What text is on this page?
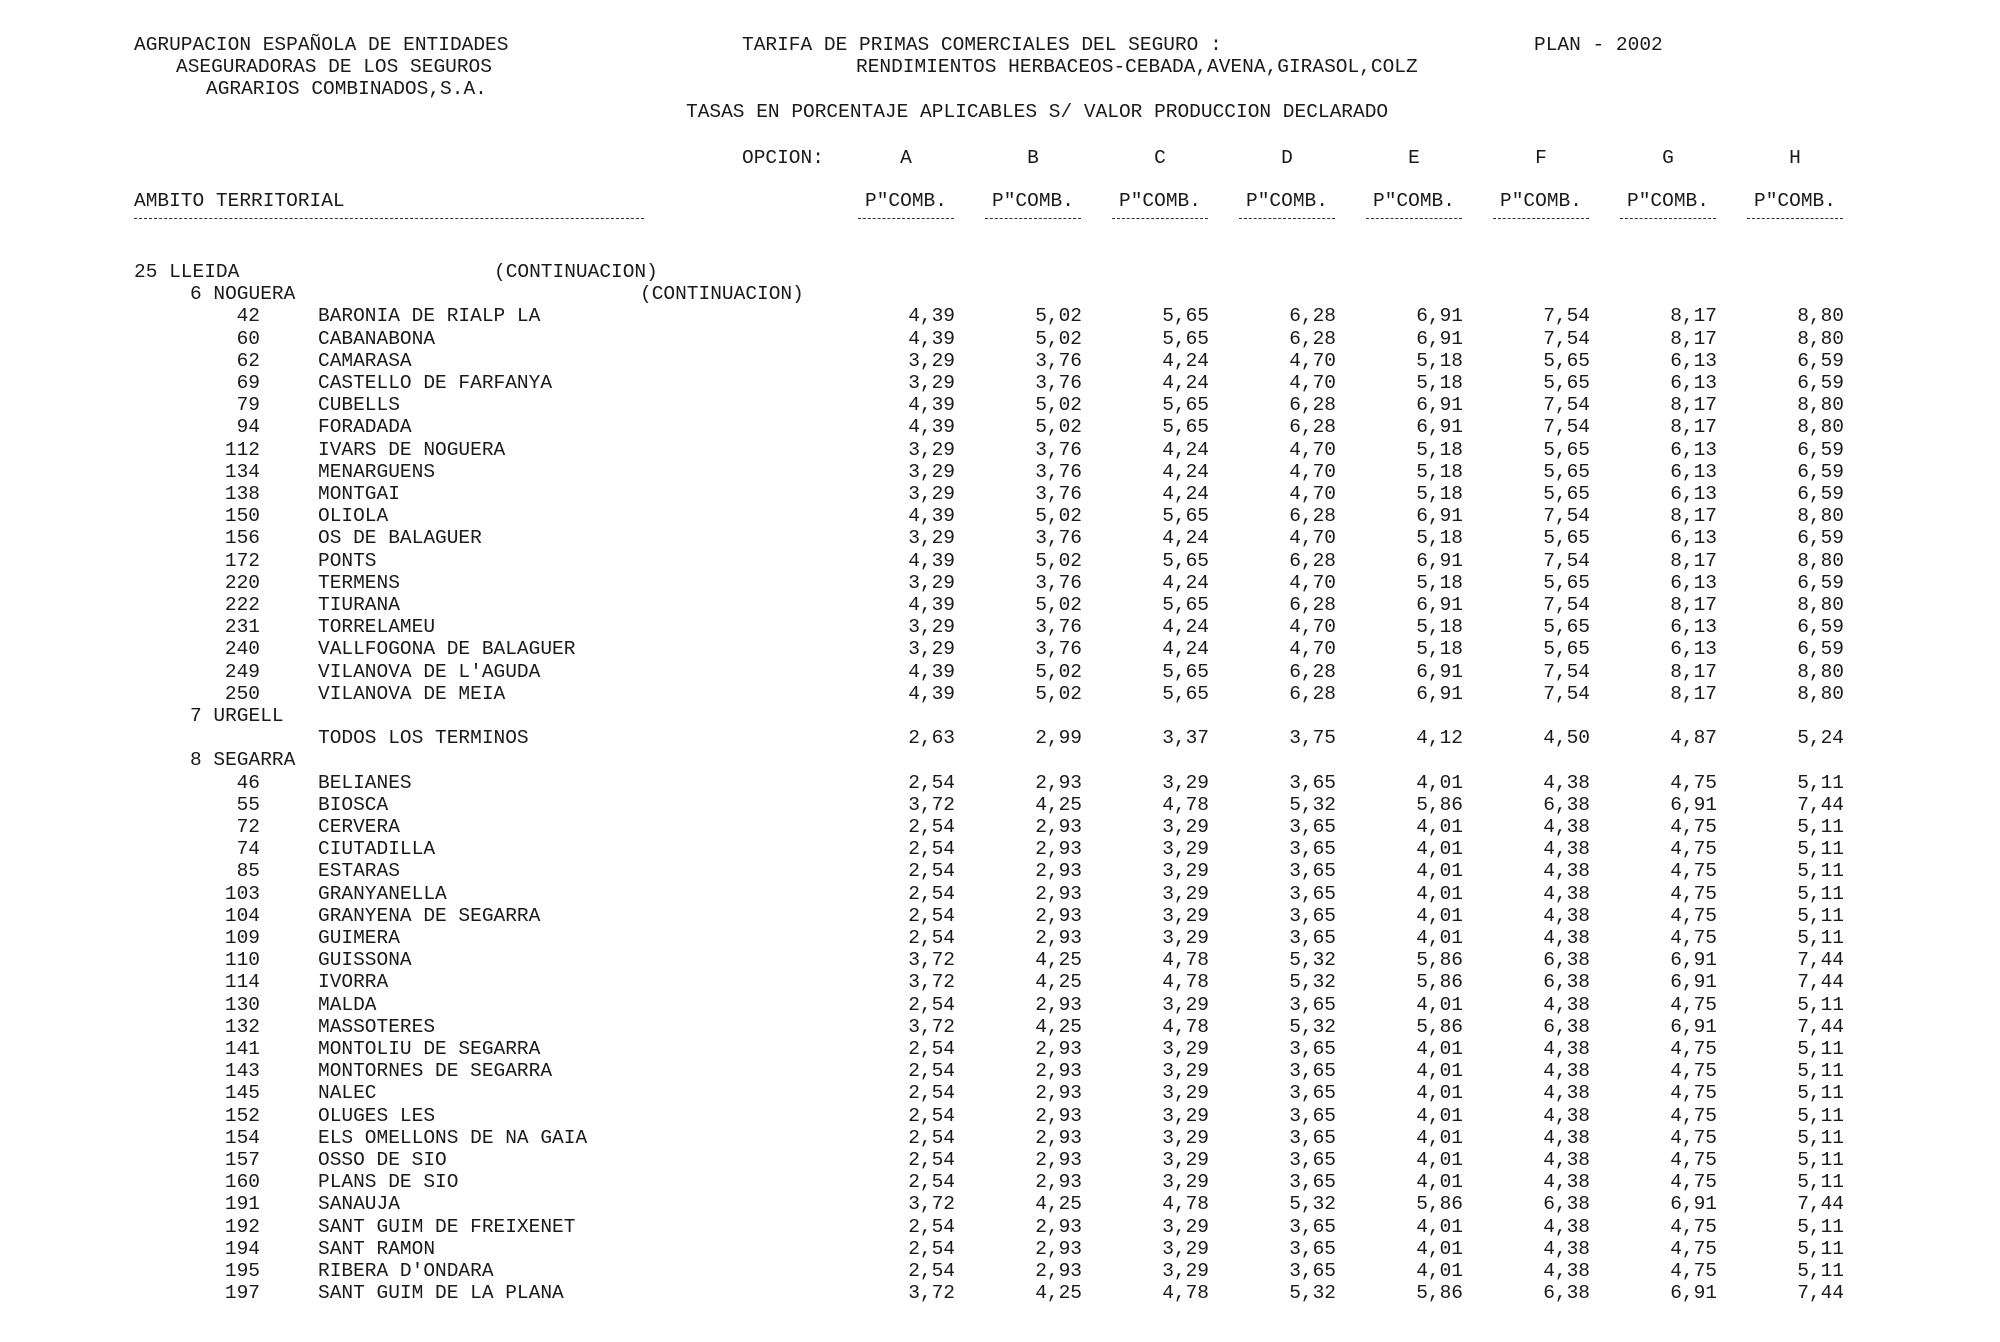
AGRUPACION ESPAÑOLA DE ENTIDADES
ASEGURADORAS DE LOS SEGUROS
AGRARIOS COMBINADOS,S.A.
TARIFA DE PRIMAS COMERCIALES DEL SEGURO :	PLAN - 2002
RENDIMIENTOS HERBACEOS-CEBADA,AVENA,GIRASOL,COLZ
TASAS EN PORCENTAJE APLICABLES S/ VALOR PRODUCCION DECLARADO
OPCION:	A	B	C	D	E	F	G	H
AMBITO TERRITORIAL	P"COMB.	P"COMB.	P"COMB.	P"COMB.	P"COMB.	P"COMB.	P"COMB.	P"COMB.
25 LLEIDA	(CONTINUACION)
6 NOGUERA	(CONTINUACION)
42	BARONIA DE RIALP LA	4,39	5,02	5,65	6,28	6,91	7,54	8,17	8,80
60	CABANABONA	4,39	5,02	5,65	6,28	6,91	7,54	8,17	8,80
62	CAMARASA	3,29	3,76	4,24	4,70	5,18	5,65	6,13	6,59
69	CASTELLO DE FARFANYA	3,29	3,76	4,24	4,70	5,18	5,65	6,13	6,59
79	CUBELLS	4,39	5,02	5,65	6,28	6,91	7,54	8,17	8,80
94	FORADADA	4,39	5,02	5,65	6,28	6,91	7,54	8,17	8,80
112	IVARS DE NOGUERA	3,29	3,76	4,24	4,70	5,18	5,65	6,13	6,59
134	MENARGUENS	3,29	3,76	4,24	4,70	5,18	5,65	6,13	6,59
138	MONTGAI	3,29	3,76	4,24	4,70	5,18	5,65	6,13	6,59
150	OLIOLA	4,39	5,02	5,65	6,28	6,91	7,54	8,17	8,80
156	OS DE BALAGUER	3,29	3,76	4,24	4,70	5,18	5,65	6,13	6,59
172	PONTS	4,39	5,02	5,65	6,28	6,91	7,54	8,17	8,80
220	TERMENS	3,29	3,76	4,24	4,70	5,18	5,65	6,13	6,59
222	TIURANA	4,39	5,02	5,65	6,28	6,91	7,54	8,17	8,80
231	TORRELAMEU	3,29	3,76	4,24	4,70	5,18	5,65	6,13	6,59
240	VALLFOGONA DE BALAGUER	3,29	3,76	4,24	4,70	5,18	5,65	6,13	6,59
249	VILANOVA DE L'AGUDA	4,39	5,02	5,65	6,28	6,91	7,54	8,17	8,80
250	VILANOVA DE MEIA	4,39	5,02	5,65	6,28	6,91	7,54	8,17	8,80
7 URGELL
TODOS LOS TERMINOS	2,63	2,99	3,37	3,75	4,12	4,50	4,87	5,24
8 SEGARRA
46	BELIANES	2,54	2,93	3,29	3,65	4,01	4,38	4,75	5,11
55	BIOSCA	3,72	4,25	4,78	5,32	5,86	6,38	6,91	7,44
72	CERVERA	2,54	2,93	3,29	3,65	4,01	4,38	4,75	5,11
74	CIUTADILLA	2,54	2,93	3,29	3,65	4,01	4,38	4,75	5,11
85	ESTARAS	2,54	2,93	3,29	3,65	4,01	4,38	4,75	5,11
103	GRANYANELLA	2,54	2,93	3,29	3,65	4,01	4,38	4,75	5,11
104	GRANYENA DE SEGARRA	2,54	2,93	3,29	3,65	4,01	4,38	4,75	5,11
109	GUIMERA	2,54	2,93	3,29	3,65	4,01	4,38	4,75	5,11
110	GUISSONA	3,72	4,25	4,78	5,32	5,86	6,38	6,91	7,44
114	IVORRA	3,72	4,25	4,78	5,32	5,86	6,38	6,91	7,44
130	MALDA	2,54	2,93	3,29	3,65	4,01	4,38	4,75	5,11
132	MASSOTERES	3,72	4,25	4,78	5,32	5,86	6,38	6,91	7,44
141	MONTOLIU DE SEGARRA	2,54	2,93	3,29	3,65	4,01	4,38	4,75	5,11
143	MONTORNES DE SEGARRA	2,54	2,93	3,29	3,65	4,01	4,38	4,75	5,11
145	NALEC	2,54	2,93	3,29	3,65	4,01	4,38	4,75	5,11
152	OLUGES LES	2,54	2,93	3,29	3,65	4,01	4,38	4,75	5,11
154	ELS OMELLONS DE NA GAIA	2,54	2,93	3,29	3,65	4,01	4,38	4,75	5,11
157	OSSO DE SIO	2,54	2,93	3,29	3,65	4,01	4,38	4,75	5,11
160	PLANS DE SIO	2,54	2,93	3,29	3,65	4,01	4,38	4,75	5,11
191	SANAUJA	3,72	4,25	4,78	5,32	5,86	6,38	6,91	7,44
192	SANT GUIM DE FREIXENET	2,54	2,93	3,29	3,65	4,01	4,38	4,75	5,11
194	SANT RAMON	2,54	2,93	3,29	3,65	4,01	4,38	4,75	5,11
195	RIBERA D'ONDARA	2,54	2,93	3,29	3,65	4,01	4,38	4,75	5,11
197	SANT GUIM DE LA PLANA	3,72	4,25	4,78	5,32	5,86	6,38	6,91	7,44
